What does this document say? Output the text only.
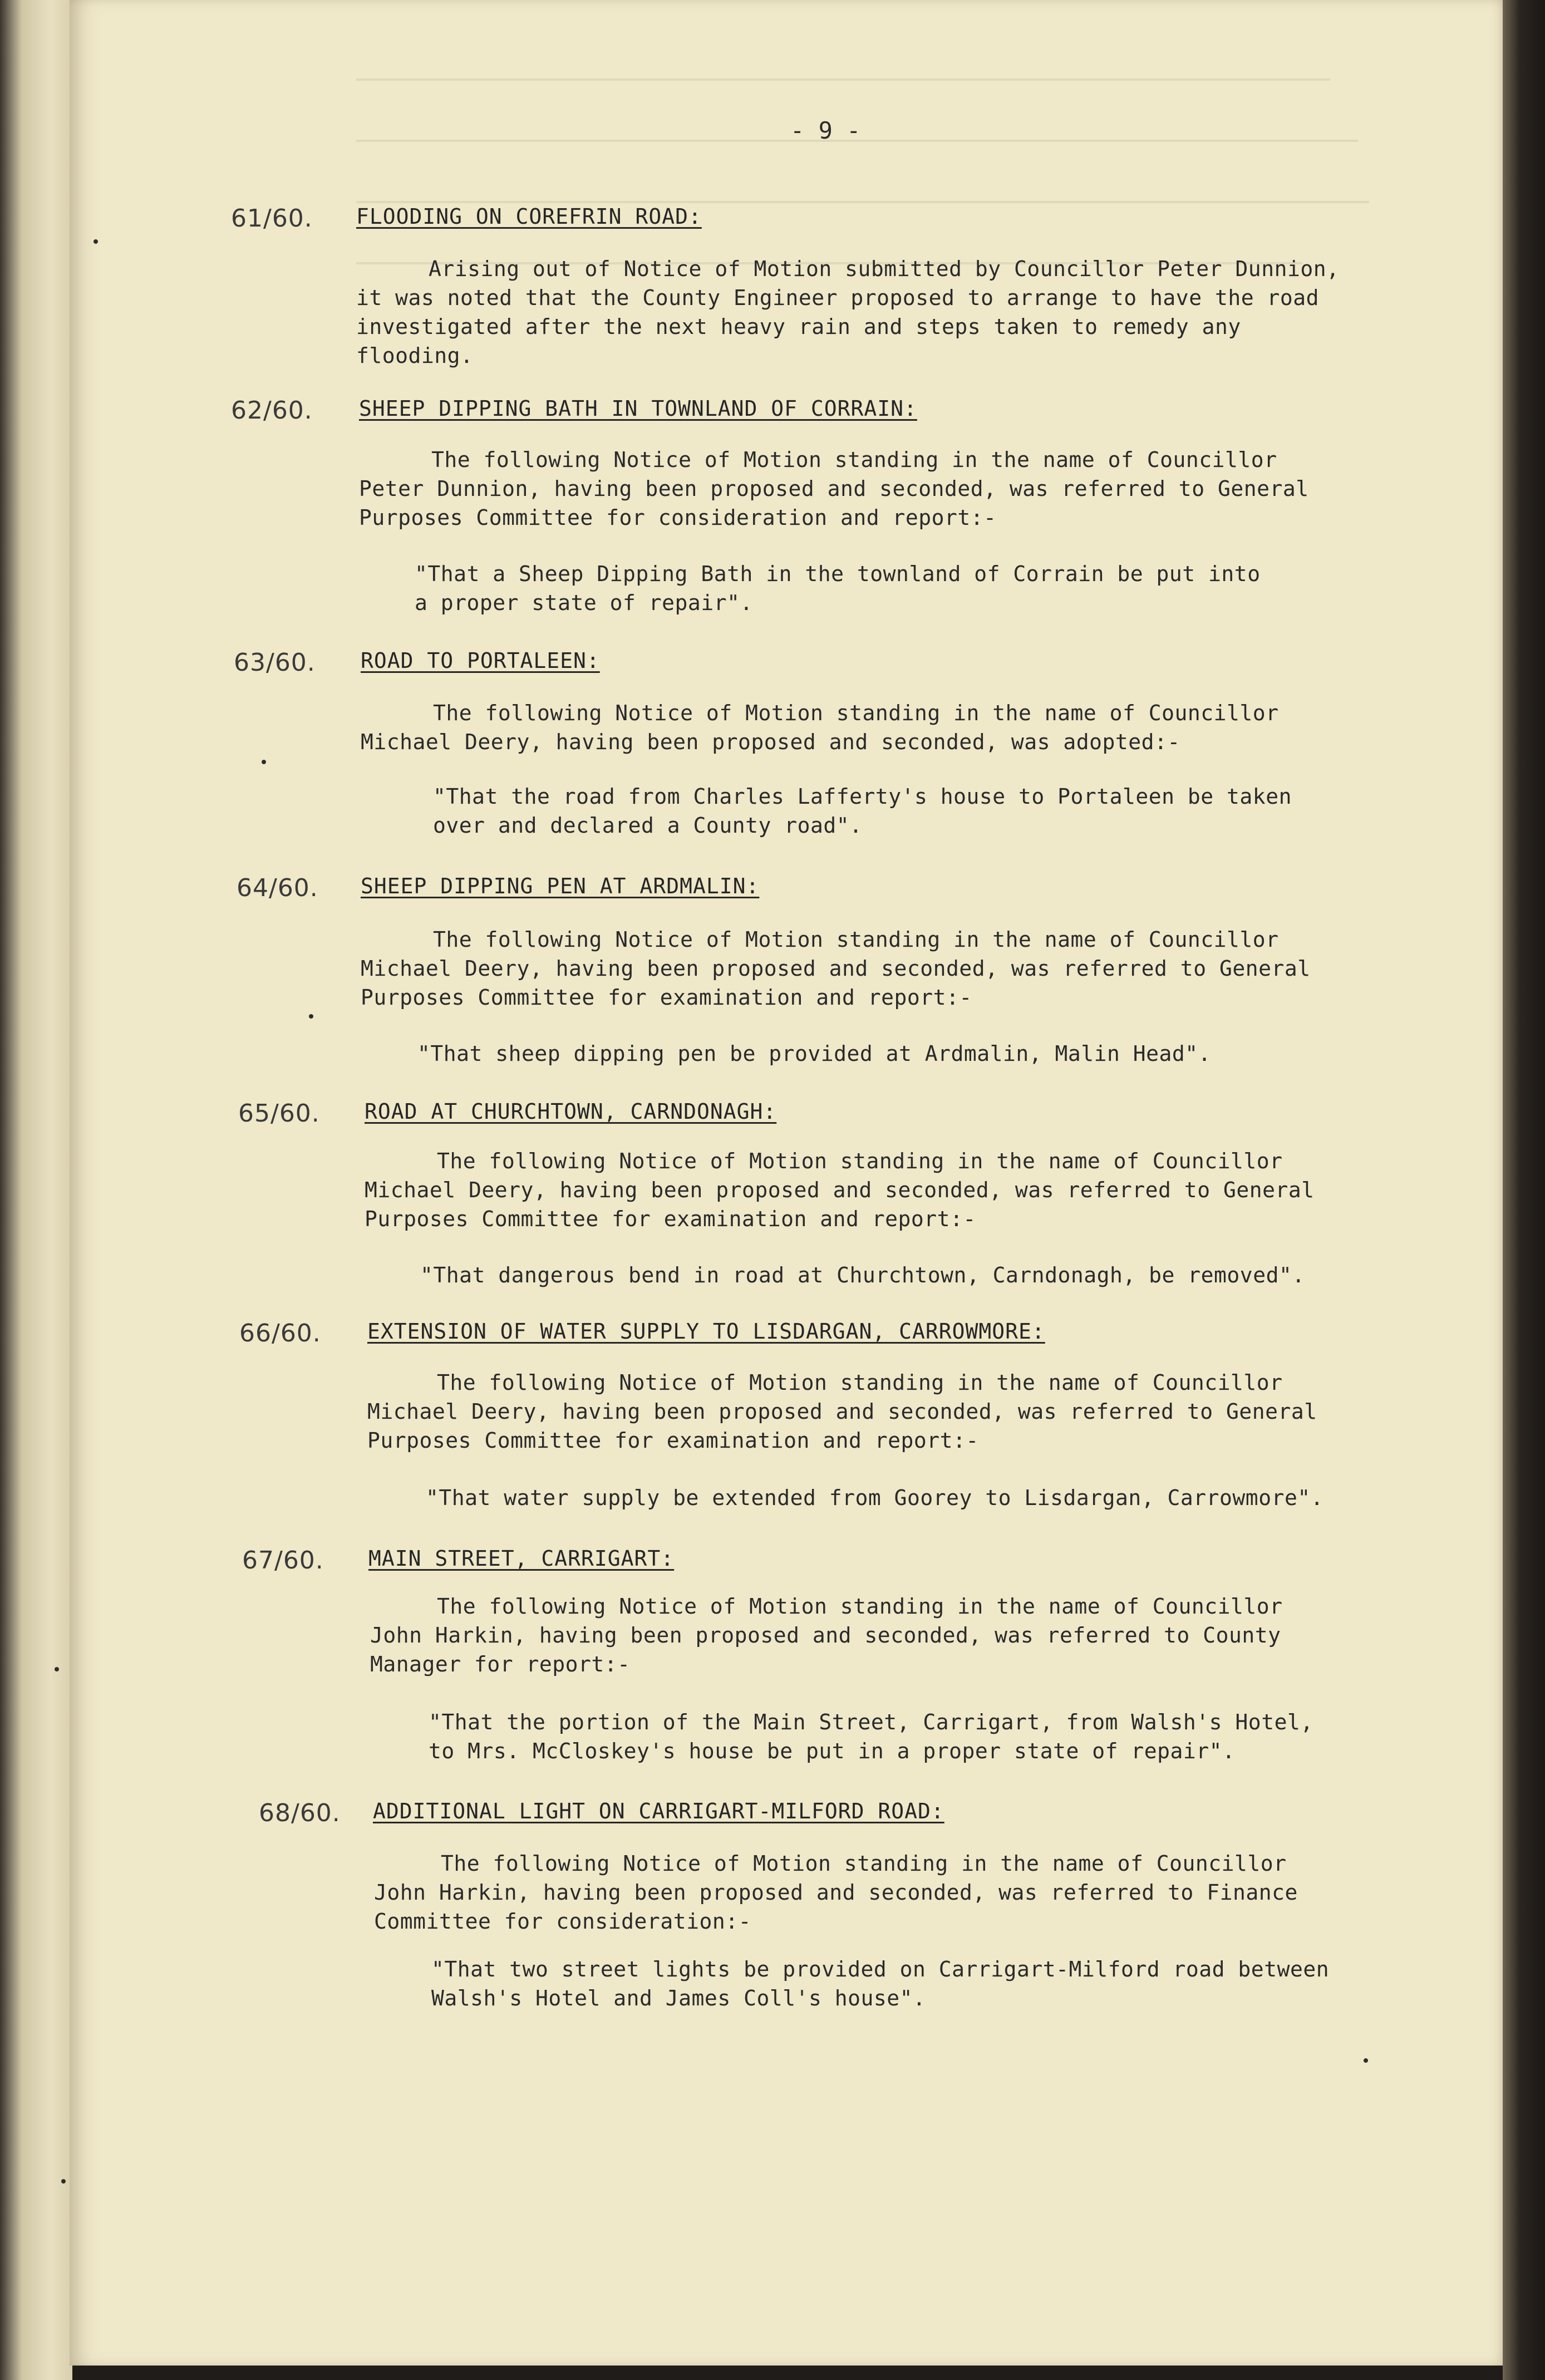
- 9 -
61/60. FLOODING ON COREFRIN ROAD:
Arising out of Notice of Motion submitted by Councillor Peter Dunnion,
it was noted that the County Engineer proposed to arrange to have the road
investigated after the next heavy rain and steps taken to remedy any
flooding.
62/60. SHEEP DIPPING BATH IN TOWNLAND OF CORRAIN:
The following Notice of Motion standing in the name of Councillor
Peter Dunnion, having been proposed and seconded, was referred to General
Purposes Committee for consideration and report:-
"That a Sheep Dipping Bath in the townland of Corrain be put into
a proper state of repair".
63/60. ROAD TO PORTALEEN:
The following Notice of Motion standing in the name of Councillor
Michael Deery, having been proposed and seconded, was adopted:-
"That the road from Charles Lafferty's house to Portaleen be taken
over and declared a County road".
64/60. SHEEP DIPPING PEN AT ARDMALIN:
The following Notice of Motion standing in the name of Councillor
Michael Deery, having been proposed and seconded, was referred to General
Purposes Committee for examination and report:-
"That sheep dipping pen be provided at Ardmalin, Malin Head".
65/60. ROAD AT CHURCHTOWN, CARNDONAGH:
The following Notice of Motion standing in the name of Councillor
Michael Deery, having been proposed and seconded, was referred to General
Purposes Committee for examination and report:-
"That dangerous bend in road at Churchtown, Carndonagh, be removed".
66/60. EXTENSION OF WATER SUPPLY TO LISDARGAN, CARROWMORE:
The following Notice of Motion standing in the name of Councillor
Michael Deery, having been proposed and seconded, was referred to General
Purposes Committee for examination and report:-
"That water supply be extended from Goorey to Lisdargan, Carrowmore".
67/60. MAIN STREET, CARRIGART:
The following Notice of Motion standing in the name of Councillor
John Harkin, having been proposed and seconded, was referred to County
Manager for report:-
"That the portion of the Main Street, Carrigart, from Walsh's Hotel,
to Mrs. McCloskey's house be put in a proper state of repair".
68/60. ADDITIONAL LIGHT ON CARRIGART-MILFORD ROAD:
The following Notice of Motion standing in the name of Councillor
John Harkin, having been proposed and seconded, was referred to Finance
Committee for consideration:-
"That two street lights be provided on Carrigart-Milford road between
Walsh's Hotel and James Coll's house".
